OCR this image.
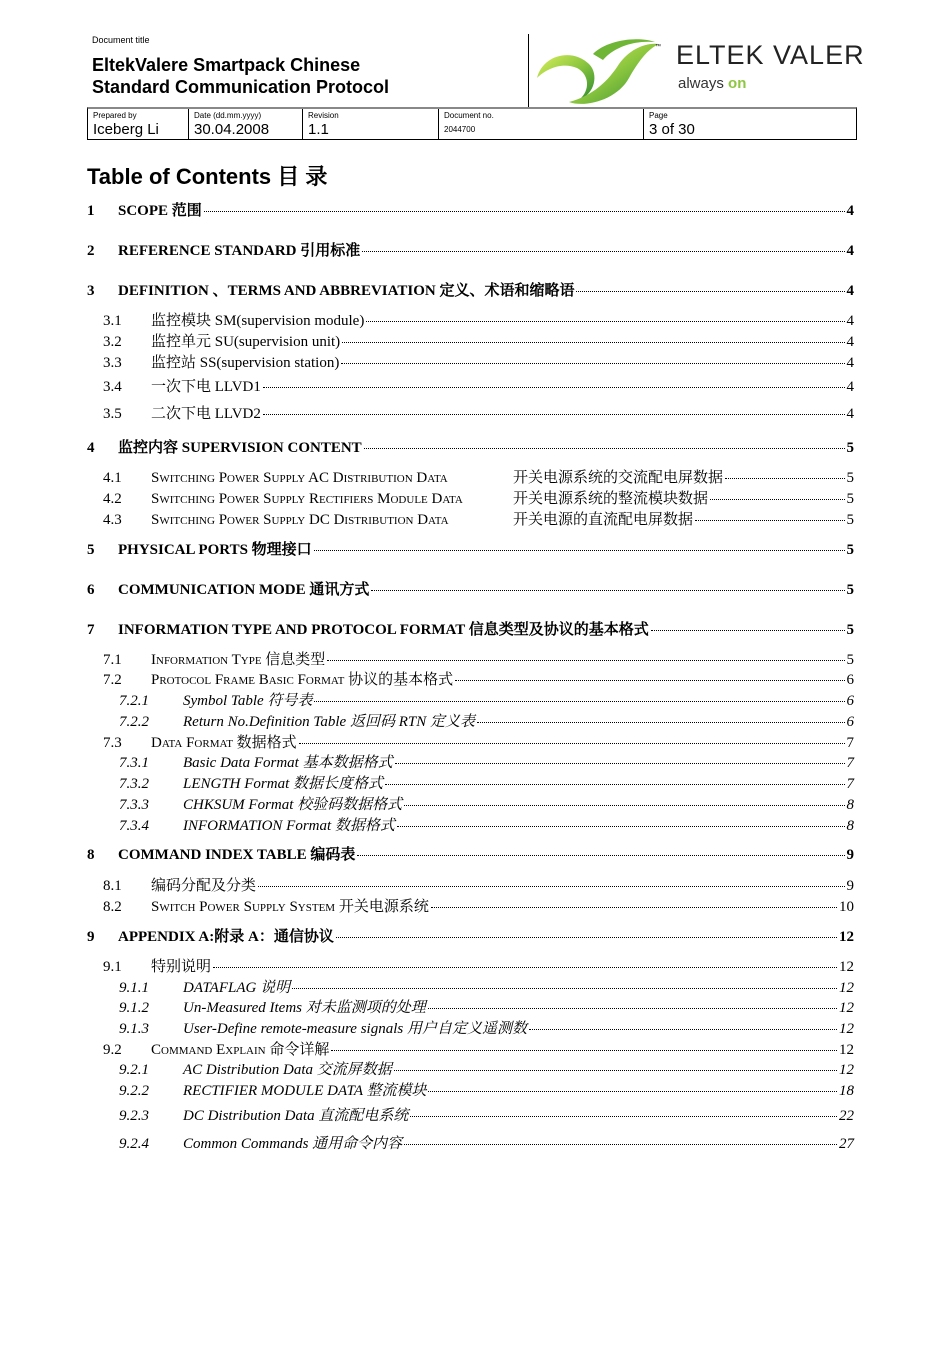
Document title
EltekValere Smartpack Chinese
Standard Communication Protocol
™ ELTEK VALER
always on
Prepared by
Iceberg Li
Date (dd.mm.yyyy)
30.04.2008
Revision
1.1
Document no.
2044700
Page
3 of 30
Table of Contents 目 录
1	SCOPE 范围	4
2	REFERENCE STANDARD 引用标准	4
3	DEFINITION 、TERMS AND ABBREVIATION 定义、术语和缩略语	4
3.1	监控模块 SM(supervision module)	4
3.2	监控单元 SU(supervision unit)	4
3.3	监控站 SS(supervision station)	4
3.4	一次下电 LLVD1	4
3.5	二次下电 LLVD2	4
4	监控内容 SUPERVISION CONTENT	5
4.1	Switching Power Supply AC Distribution Data	开关电源系统的交流配电屏数据	5
4.2	Switching Power Supply Rectifiers Module Data	开关电源系统的整流模块数据	5
4.3	Switching Power Supply DC Distribution Data	开关电源的直流配电屏数据	5
5	PHYSICAL PORTS 物理接口	5
6	COMMUNICATION MODE 通讯方式	5
7	INFORMATION TYPE AND PROTOCOL FORMAT 信息类型及协议的基本格式	5
7.1	Information Type 信息类型	5
7.2	Protocol Frame Basic Format 协议的基本格式	6
7.2.1	Symbol Table 符号表	6
7.2.2	Return No.Definition Table 返回码 RTN 定义表	6
7.3	Data Format 数据格式	7
7.3.1	Basic Data Format 基本数据格式	7
7.3.2	LENGTH Format 数据长度格式	7
7.3.3	CHKSUM Format 校验码数据格式	8
7.3.4	INFORMATION Format 数据格式	8
8	COMMAND INDEX TABLE 编码表	9
8.1	编码分配及分类	9
8.2	Switch Power Supply System 开关电源系统	10
9	APPENDIX A:附录 A：通信协议	12
9.1	特别说明	12
9.1.1	DATAFLAG 说明	12
9.1.2	Un-Measured Items 对未监测项的处理	12
9.1.3	User-Define remote-measure signals 用户自定义遥测数	12
9.2	Command Explain 命令详解	12
9.2.1	AC Distribution Data 交流屏数据	12
9.2.2	RECTIFIER MODULE DATA 整流模块	18
9.2.3	DC Distribution Data 直流配电系统	22
9.2.4	Common Commands 通用命令内容	27
